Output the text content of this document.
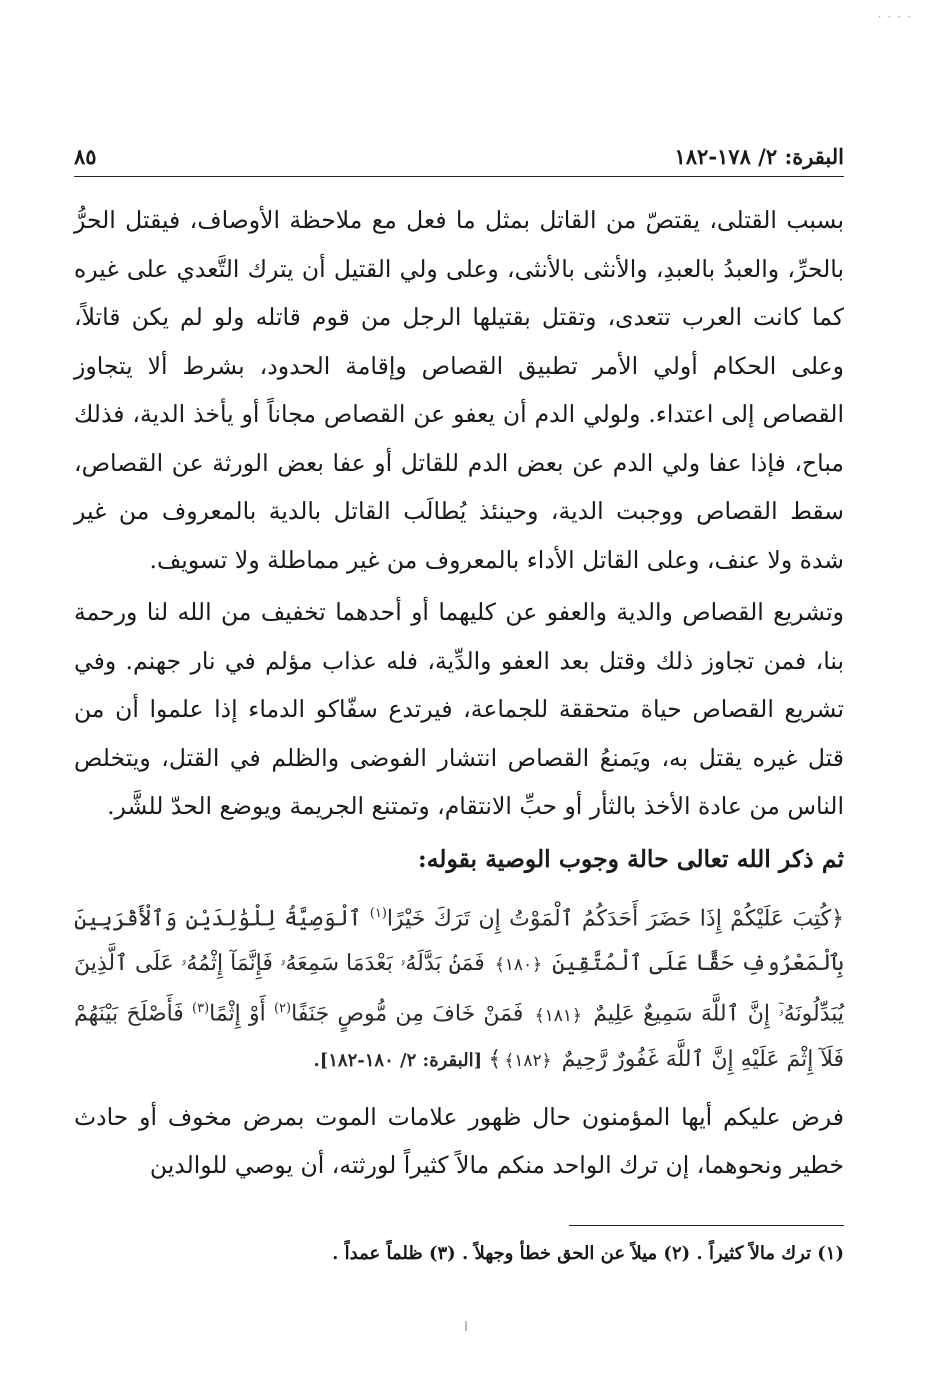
····
البقرة: ٢/ ١٧٨-١٨٢
٨٥

بسبب القتلى، يقتصّ من القاتل بمثل ما فعل مع ملاحظة الأوصاف، فيقتل الحرُّ بالحرِّ، والعبدُ بالعبدِ، والأنثى بالأنثى، وعلى ولي القتيل أن يترك التَّعدي على غيره كما كانت العرب تتعدى، وتقتل بقتيلها الرجل من قوم قاتله ولو لم يكن قاتلاً، وعلى الحكام أولي الأمر تطبيق القصاص وإقامة الحدود، بشرط ألا يتجاوز القصاص إلى اعتداء. ولولي الدم أن يعفو عن القصاص مجاناً أو يأخذ الدية، فذلك مباح، فإذا عفا ولي الدم عن بعض الدم للقاتل أو عفا بعض الورثة عن القصاص، سقط القصاص ووجبت الدية، وحينئذ يُطالَب القاتل بالدية بالمعروف من غير شدة ولا عنف، وعلى القاتل الأداء بالمعروف من غير مماطلة ولا تسويف.

وتشريع القصاص والدية والعفو عن كليهما أو أحدهما تخفيف من الله لنا ورحمة بنا، فمن تجاوز ذلك وقتل بعد العفو والدِّية، فله عذاب مؤلم في نار جهنم. وفي تشريع القصاص حياة متحققة للجماعة، فيرتدع سفّاكو الدماء إذا علموا أن من قتل غيره يقتل به، ويَمنعُ القصاص انتشار الفوضى والظلم في القتل، ويتخلص الناس من عادة الأخذ بالثأر أو حبِّ الانتقام، وتمتنع الجريمة ويوضع الحدّ للشَّر.

ثم ذكر الله تعالى حالة وجوب الوصية بقوله:

﴿كُتِبَ عَلَيْكُمْ إِذَا حَضَرَ أَحَدَكُمُ ٱلْمَوْتُ إِن تَرَكَ خَيْرًا$^{(١)}$ ٱلْوَصِيَّةُ لِلْوَٰلِدَيْنِ وَٱلْأَقْرَبِينَ بِٱلْمَعْرُوفِ حَقًّا عَلَى ٱلْمُتَّقِينَ ﴿١٨٠﴾ فَمَنۢ بَدَّلَهُۥ بَعْدَمَا سَمِعَهُۥ فَإِنَّمَآ إِثْمُهُۥ عَلَى ٱلَّذِينَ يُبَدِّلُونَهُۥٓ إِنَّ ٱللَّهَ سَمِيعٌ عَلِيمٌ ﴿١٨١﴾ فَمَنْ خَافَ مِن مُّوصٍ جَنَفًا$^{(٢)}$ أَوْ إِثْمًا$^{(٣)}$ فَأَصْلَحَ بَيْنَهُمْ فَلَآ إِثْمَ عَلَيْهِ إِنَّ ٱللَّهَ غَفُورٌ رَّحِيمٌ ﴿١٨٢﴾﴾ [البقرة: ٢/ ١٨٠-١٨٢].

فرض عليكم أيها المؤمنون حال ظهور علامات الموت بمرض مخوف أو حادث خطير ونحوهما، إن ترك الواحد منكم مالاً كثيراً لورثته، أن يوصي للوالدين

(١) ترك مالاً كثيراً . (٢) ميلاً عن الحق خطأ وجهلاً . (٣) ظلماً عمداً .
